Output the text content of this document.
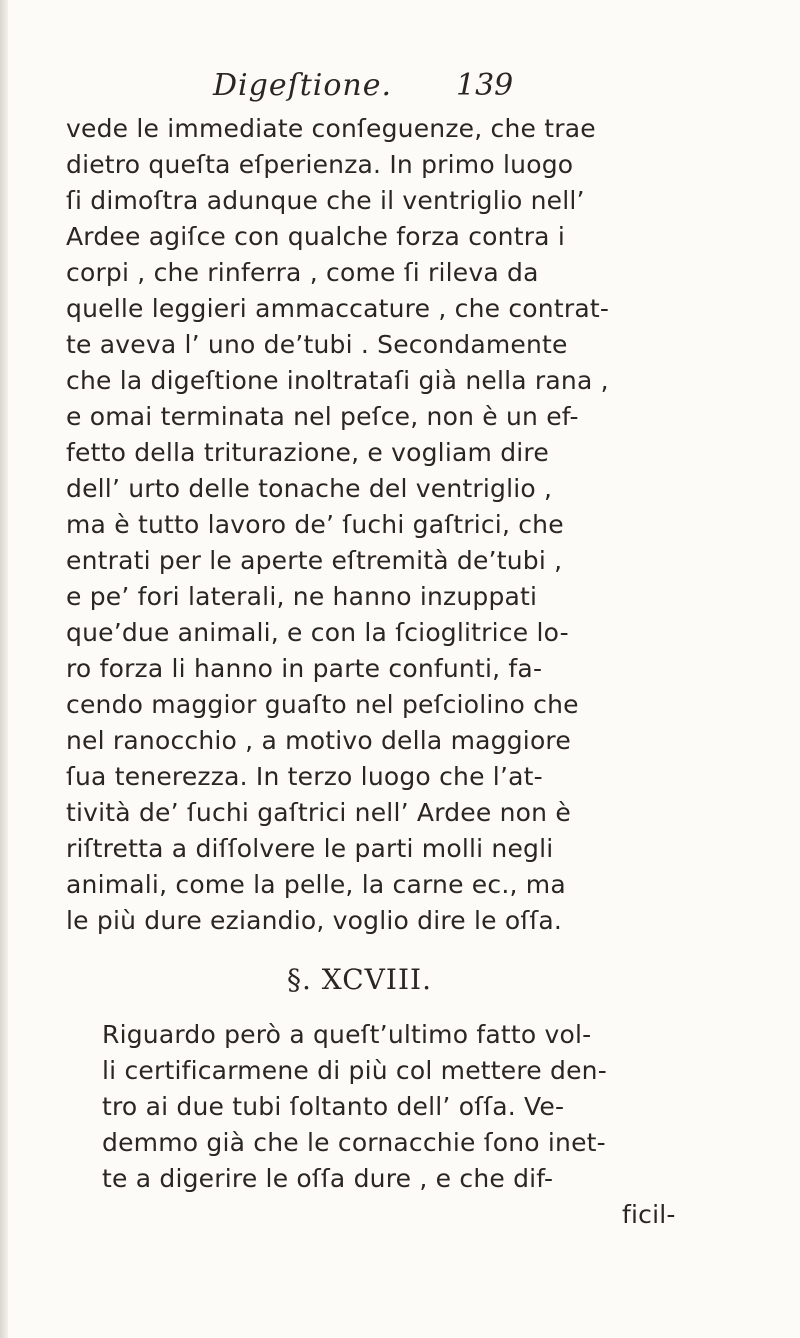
Digeſtione. 139
vede le immediate conſeguenze, che trae
dietro queſta eſperienza. In primo luogo
ſi dimoſtra adunque che il ventriglio nell’
Ardee agiſce con qualche forza contra i
corpi , che rinferra , come ſi rileva da
quelle leggieri ammaccature , che contrat-
te aveva l’ uno de’tubi . Secondamente
che la digeſtione inoltrataſi già nella rana ,
e omai terminata nel peſce, non è un ef-
fetto della triturazione, e vogliam dire
dell’ urto delle tonache del ventriglio ,
ma è tutto lavoro de’ ſuchi gaſtrici, che
entrati per le aperte eſtremità de’tubi ,
e pe’ fori laterali, ne hanno inzuppati
que’due animali, e con la ſcioglitrice lo-
ro forza li hanno in parte confunti, fa-
cendo maggior guaſto nel peſciolino che
nel ranocchio , a motivo della maggiore
ſua tenerezza. In terzo luogo che l’at-
tività de’ ſuchi gaſtrici nell’ Ardee non è
riſtretta a diſſolvere le parti molli negli
animali, come la pelle, la carne ec., ma
le più dure eziandio, voglio dire le oſſa.
Riguardo però a queſt’ultimo fatto vol-
li certificarmene di più col mettere den-
tro ai due tubi ſoltanto dell’ oſſa. Ve-
demmo già che le cornacchie ſono inet-
te a digerire le oſſa dure , e che dif-
ficil-
§. XCVIII.
